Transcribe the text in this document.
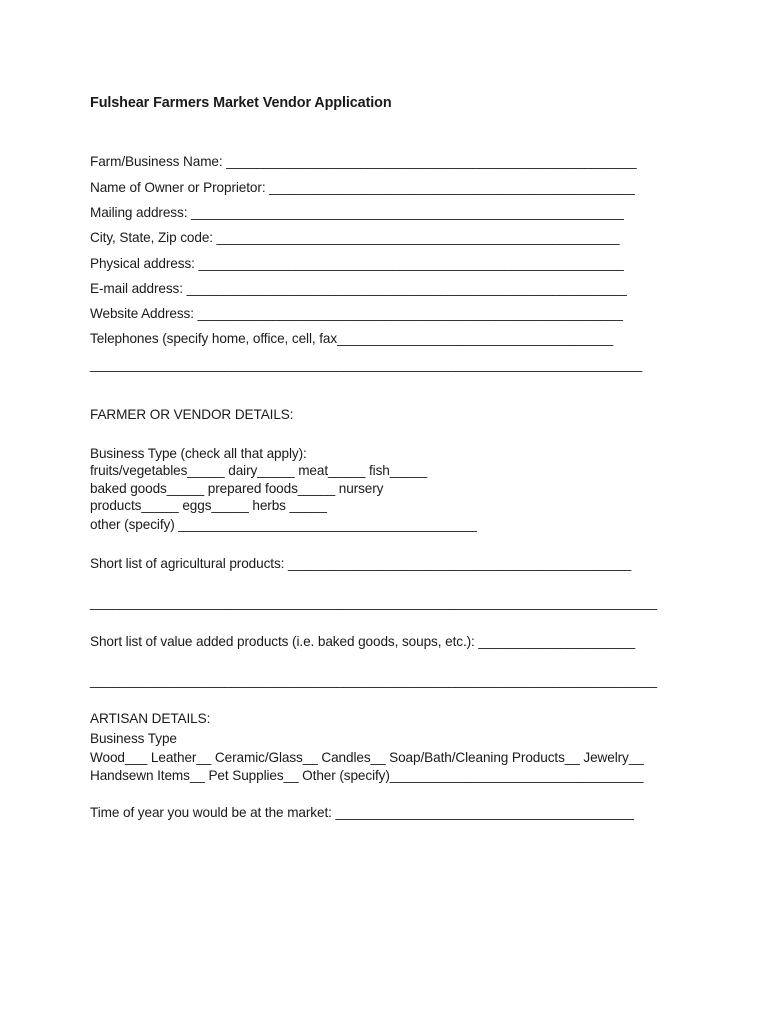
Fulshear Farmers Market Vendor Application

Farm/Business Name: _______________________________________________________

Name of Owner or Proprietor: _________________________________________________

Mailing address: __________________________________________________________

City, State, Zip code: ______________________________________________________

Physical address: _________________________________________________________

E-mail address: ___________________________________________________________

Website Address: _________________________________________________________

Telephones (specify home, office, cell, fax_____________________________________

__________________________________________________________________________

FARMER OR VENDOR DETAILS:

Business Type (check all that apply):

fruits/vegetables_____ dairy_____ meat_____ fish_____

baked goods_____ prepared foods_____ nursery

products_____ eggs_____ herbs _____

other (specify) ________________________________________

Short list of agricultural products: ______________________________________________

____________________________________________________________________________

Short list of value added products (i.e. baked goods, soups, etc.): _____________________

____________________________________________________________________________

ARTISAN DETAILS:

Business Type

Wood___ Leather__ Ceramic/Glass__ Candles__ Soap/Bath/Cleaning Products__ Jewelry__

Handsewn Items__ Pet Supplies__ Other (specify)__________________________________

Time of year you would be at the market: ________________________________________
